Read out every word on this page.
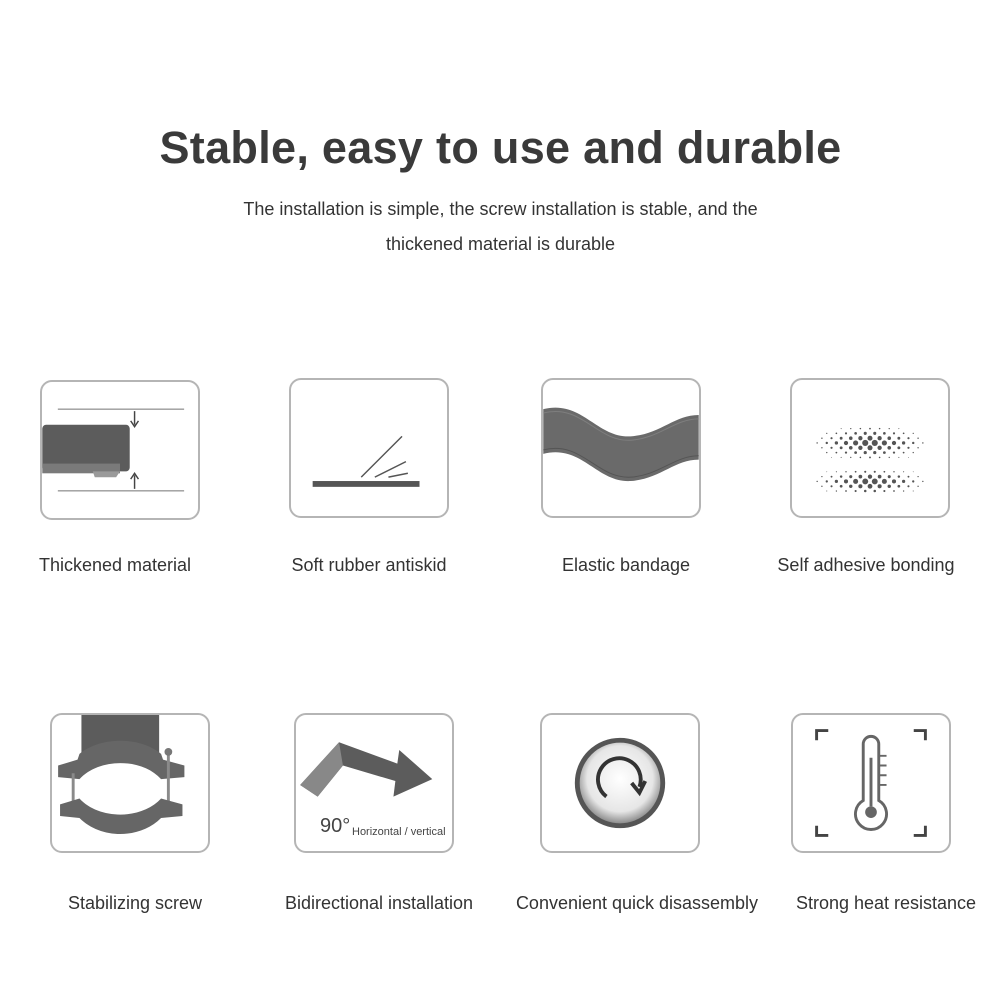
Stable, easy to use and durable
The installation is simple, the screw installation is stable, and the
thickened material is durable
Thickened material	Soft rubber antiskid	Elastic bandage	Self adhesive bonding
Stabilizing screw
90° Horizontal / vertical
Bidirectional installation	Convenient quick disassembly	Strong heat resistance
